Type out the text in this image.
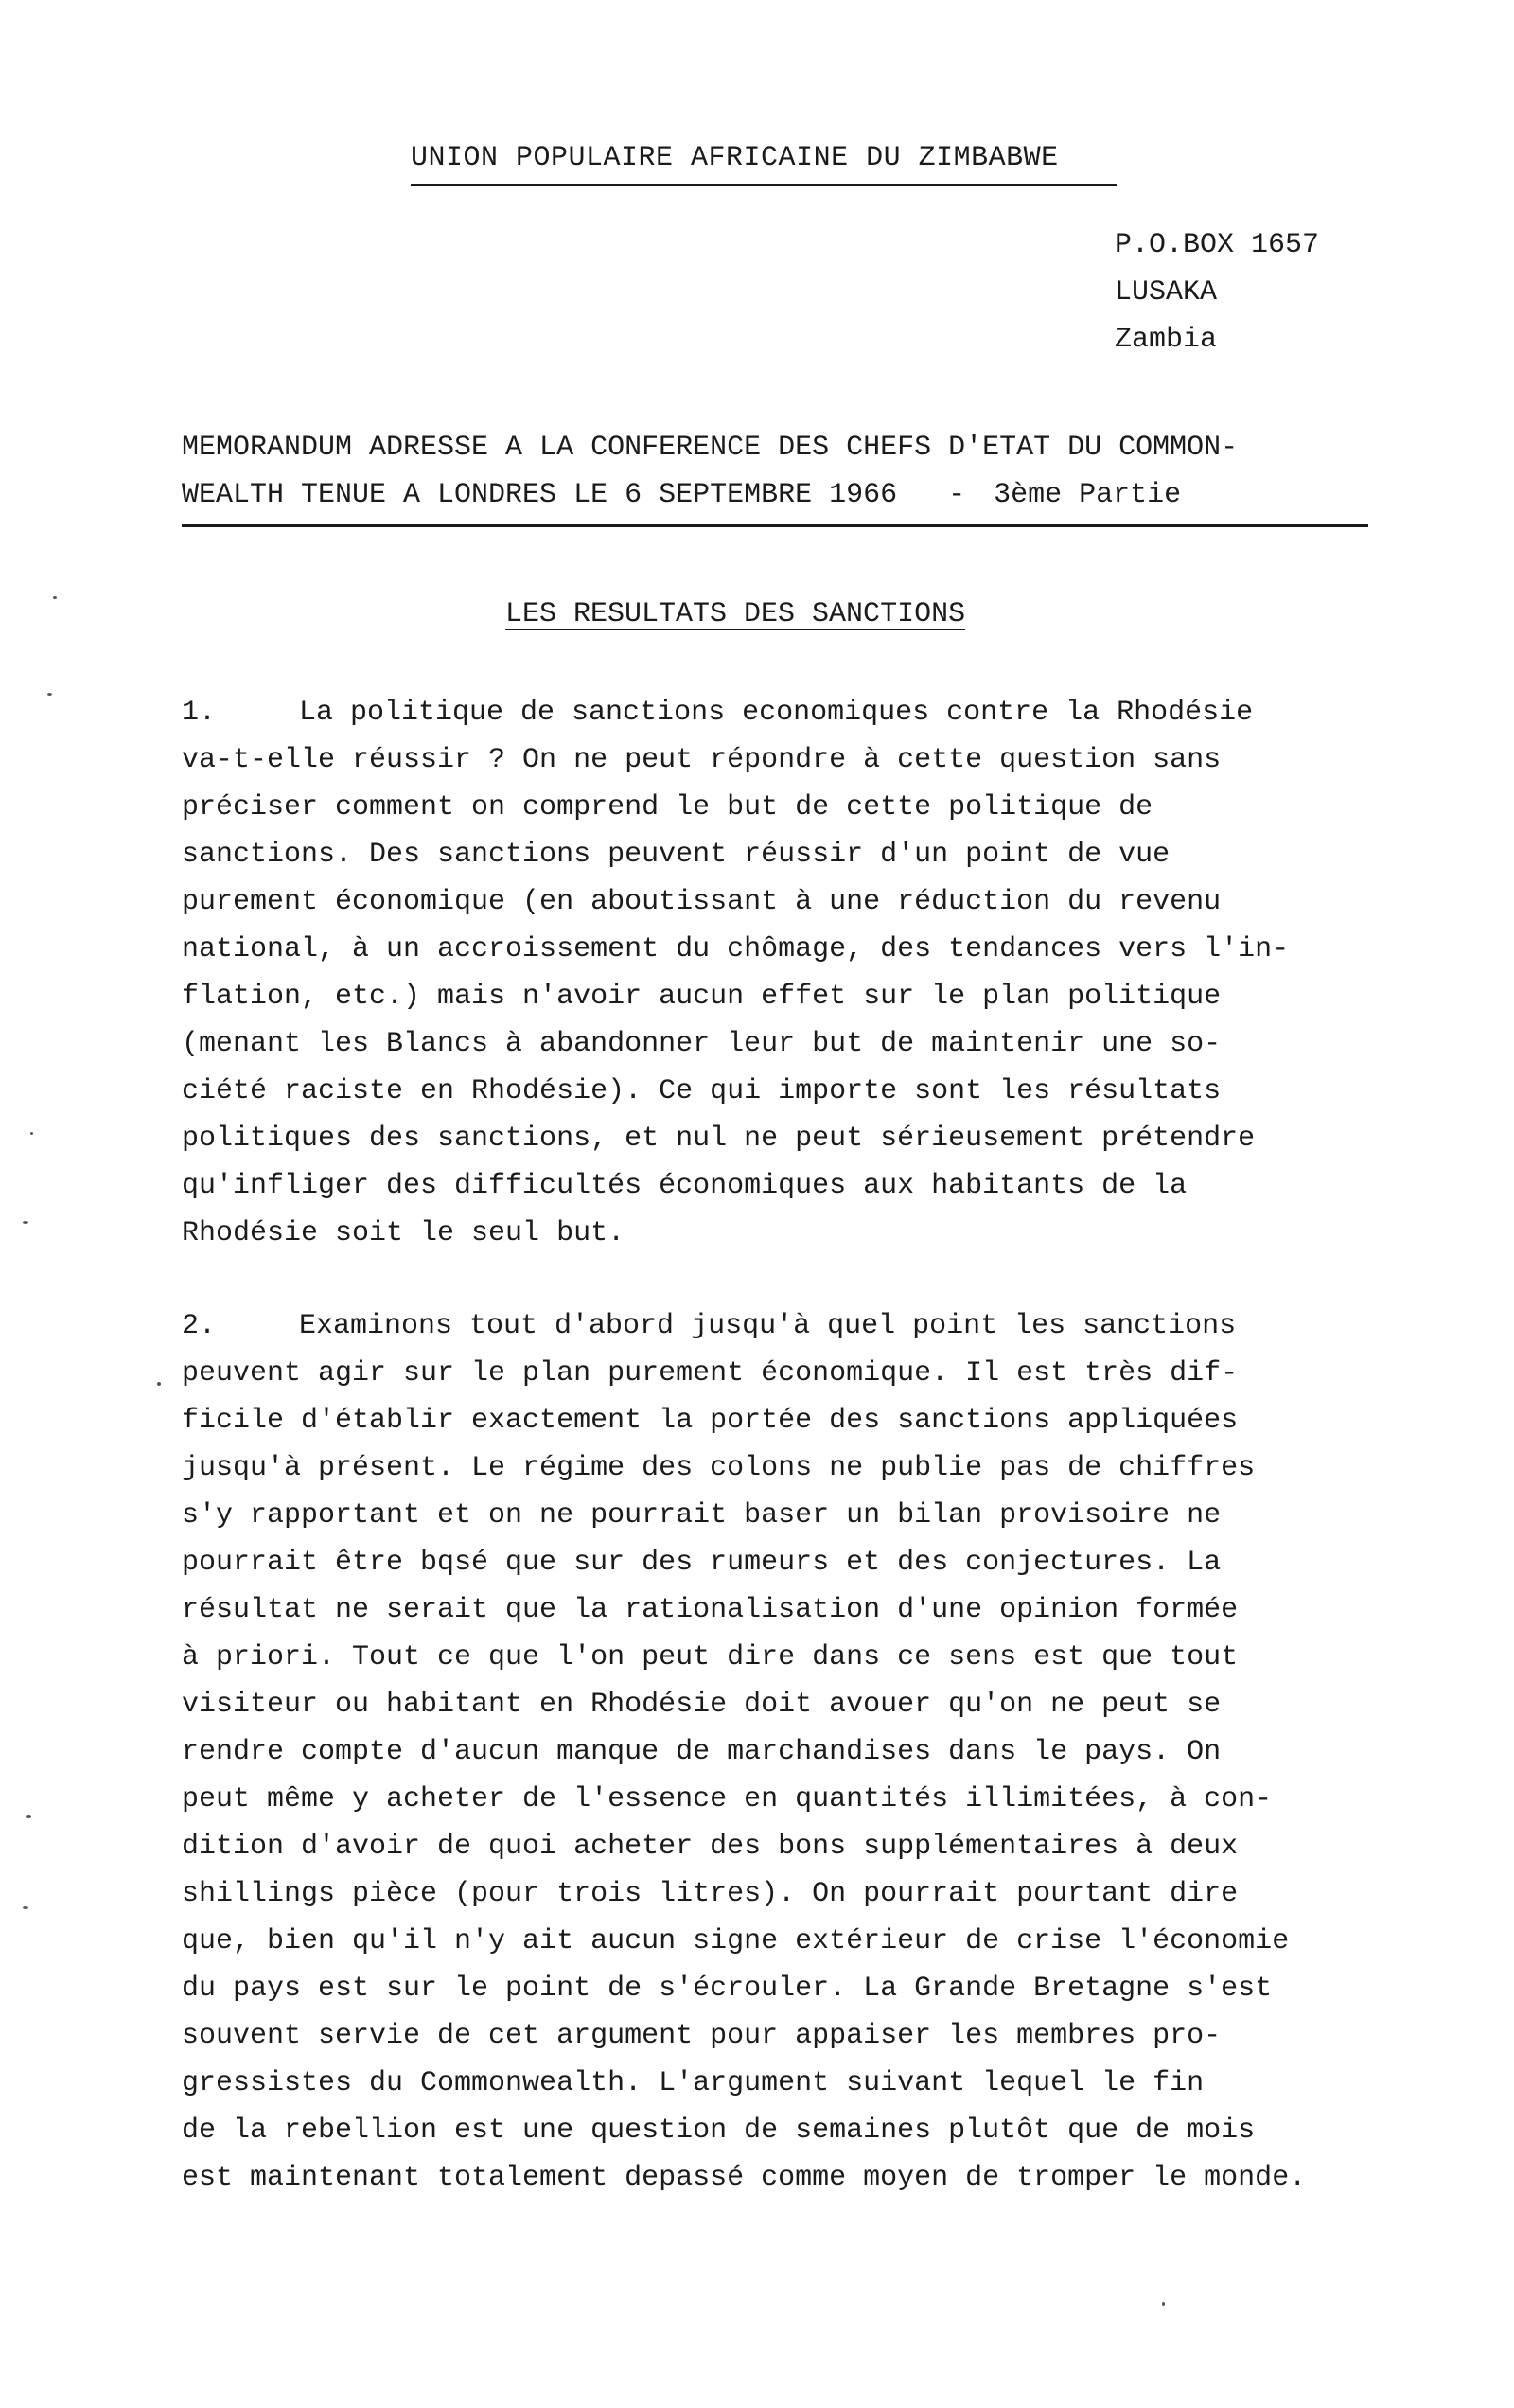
UNION POPULAIRE AFRICAINE DU ZIMBABWE
P.O.BOX 1657
LUSAKA
Zambia
MEMORANDUM ADRESSE A LA CONFERENCE DES CHEFS D'ETAT DU COMMON-
WEALTH TENUE A LONDRES LE 6 SEPTEMBRE 1966   - 3ème Partie
LES RESULTATS DES SANCTIONS
1.	La politique de sanctions economiques contre la Rhodésie
va-t-elle réussir ? On ne peut répondre à cette question sans
préciser comment on comprend le but de cette politique de
sanctions. Des sanctions peuvent réussir d'un point de vue
purement économique (en aboutissant à une réduction du revenu
national, à un accroissement du chômage, des tendances vers l'in-
flation, etc.) mais n'avoir aucun effet sur le plan politique
(menant les Blancs à abandonner leur but de maintenir une so-
ciété raciste en Rhodésie). Ce qui importe sont les résultats
politiques des sanctions, et nul ne peut sérieusement prétendre
qu'infliger des difficultés économiques aux habitants de la
Rhodésie soit le seul but.
2.	Examinons tout d'abord jusqu'à quel point les sanctions
peuvent agir sur le plan purement économique. Il est très dif-
ficile d'établir exactement la portée des sanctions appliquées
jusqu'à présent. Le régime des colons ne publie pas de chiffres
s'y rapportant et on ne pourrait baser un bilan provisoire ne
pourrait être bqsé que sur des rumeurs et des conjectures. La
résultat ne serait que la rationalisation d'une opinion formée
à priori. Tout ce que l'on peut dire dans ce sens est que tout
visiteur ou habitant en Rhodésie doit avouer qu'on ne peut se
rendre compte d'aucun manque de marchandises dans le pays. On
peut même y acheter de l'essence en quantités illimitées, à con-
dition d'avoir de quoi acheter des bons supplémentaires à deux
shillings pièce (pour trois litres). On pourrait pourtant dire
que, bien qu'il n'y ait aucun signe extérieur de crise l'économie
du pays est sur le point de s'écrouler. La Grande Bretagne s'est
souvent servie de cet argument pour appaiser les membres pro-
gressistes du Commonwealth. L'argument suivant lequel le fin
de la rebellion est une question de semaines plutôt que de mois
est maintenant totalement depassé comme moyen de tromper le monde.
